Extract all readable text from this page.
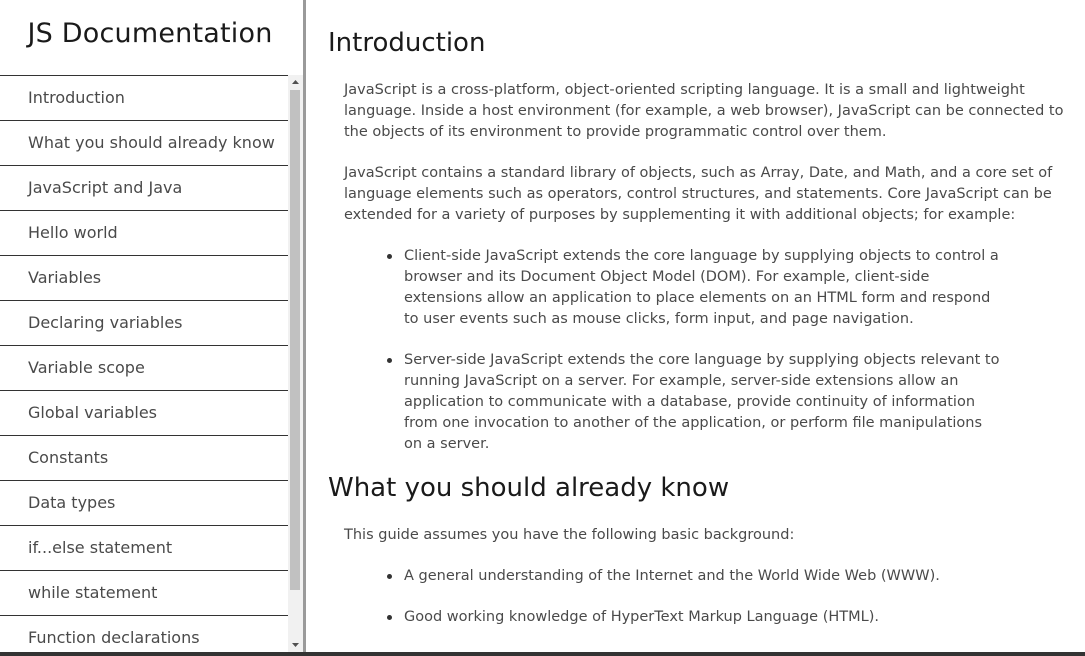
JS Documentation
Introduction
What you should already know
JavaScript and Java
Hello world
Variables
Declaring variables
Variable scope
Global variables
Constants
Data types
if...else statement
while statement
Function declarations
Introduction

JavaScript is a cross-platform, object-oriented scripting language. It is a small and lightweight language. Inside a host environment (for example, a web browser), JavaScript can be connected to the objects of its environment to provide programmatic control over them.

JavaScript contains a standard library of objects, such as Array, Date, and Math, and a core set of language elements such as operators, control structures, and statements. Core JavaScript can be extended for a variety of purposes by supplementing it with additional objects; for example:

Client-side JavaScript extends the core language by supplying objects to control a browser and its Document Object Model (DOM). For example, client-side extensions allow an application to place elements on an HTML form and respond to user events such as mouse clicks, form input, and page navigation.
Server-side JavaScript extends the core language by supplying objects relevant to running JavaScript on a server. For example, server-side extensions allow an application to communicate with a database, provide continuity of information from one invocation to another of the application, or perform file manipulations on a server.
What you should already know

This guide assumes you have the following basic background:

A general understanding of the Internet and the World Wide Web (WWW).
Good working knowledge of HyperText Markup Language (HTML).
